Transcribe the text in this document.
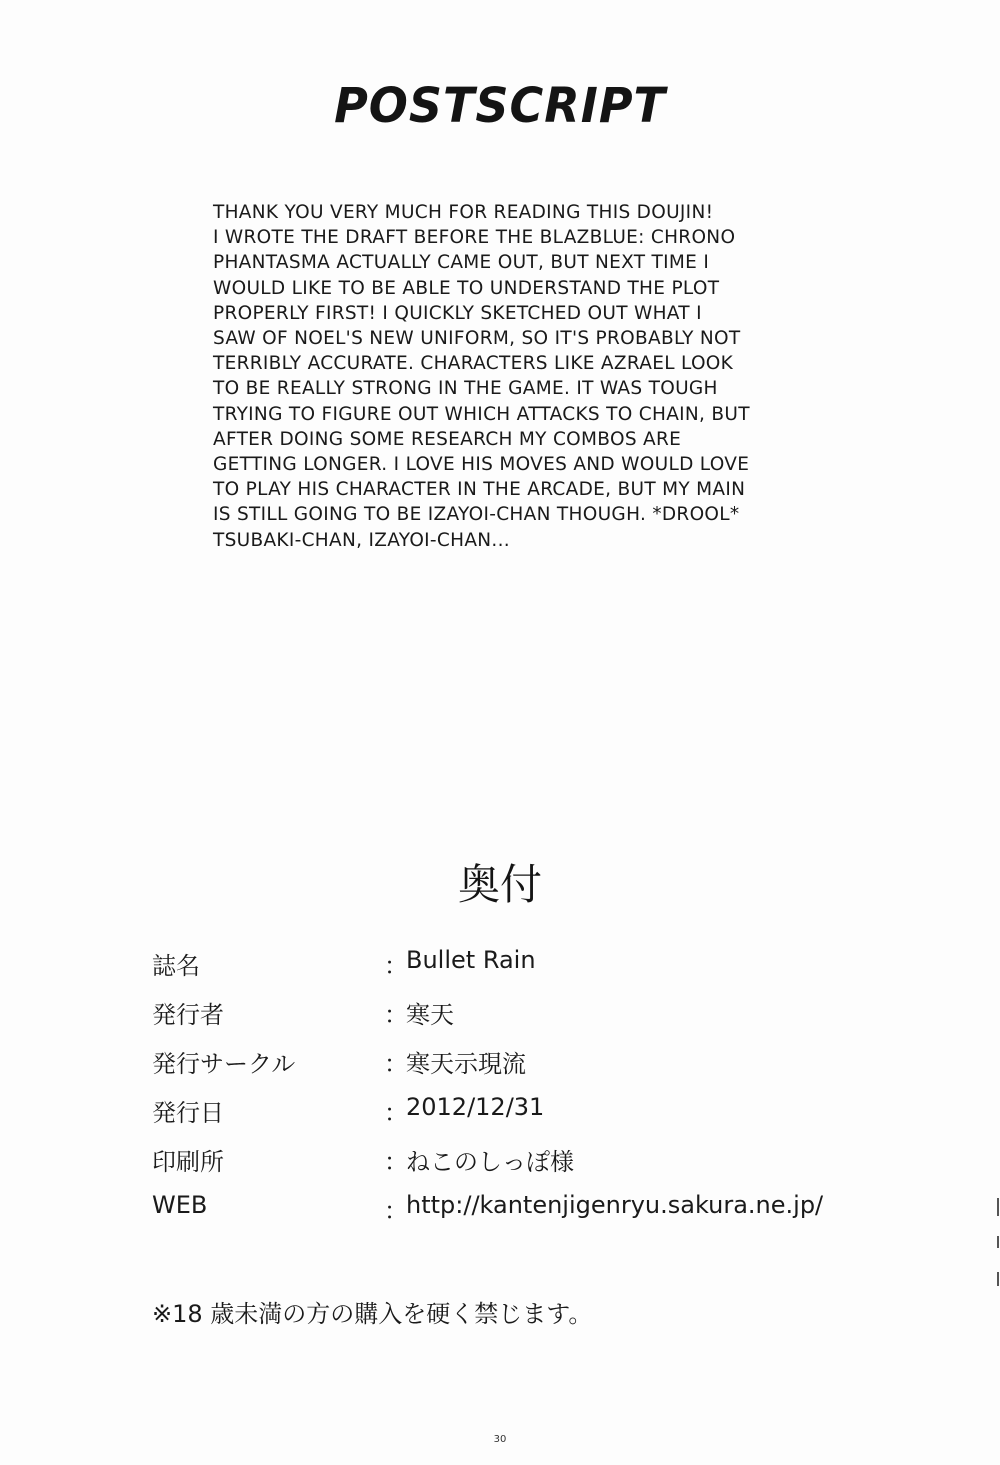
POSTSCRIPT
THANK YOU VERY MUCH FOR READING THIS DOUJIN!
I WROTE THE DRAFT BEFORE THE BLAZBLUE: CHRONO
PHANTASMA ACTUALLY CAME OUT, BUT NEXT TIME I
WOULD LIKE TO BE ABLE TO UNDERSTAND THE PLOT
PROPERLY FIRST! I QUICKLY SKETCHED OUT WHAT I
SAW OF NOEL'S NEW UNIFORM, SO IT'S PROBABLY NOT
TERRIBLY ACCURATE. CHARACTERS LIKE AZRAEL LOOK
TO BE REALLY STRONG IN THE GAME. IT WAS TOUGH
TRYING TO FIGURE OUT WHICH ATTACKS TO CHAIN, BUT
AFTER DOING SOME RESEARCH MY COMBOS ARE
GETTING LONGER. I LOVE HIS MOVES AND WOULD LOVE
TO PLAY HIS CHARACTER IN THE ARCADE, BUT MY MAIN
IS STILL GOING TO BE IZAYOI-CHAN THOUGH. *DROOL*
TSUBAKI-CHAN, IZAYOI-CHAN...
奥付
誌名	：
Bullet Rain
発行者	：
寒天
発行サークル	：
寒天示現流
発行日	：
2012/12/31
印刷所	：
ねこのしっぽ様
WEB	：
http://kantenjigenryu.sakura.ne.jp/
※18 歳未満の方の購入を硬く禁じます。
30
